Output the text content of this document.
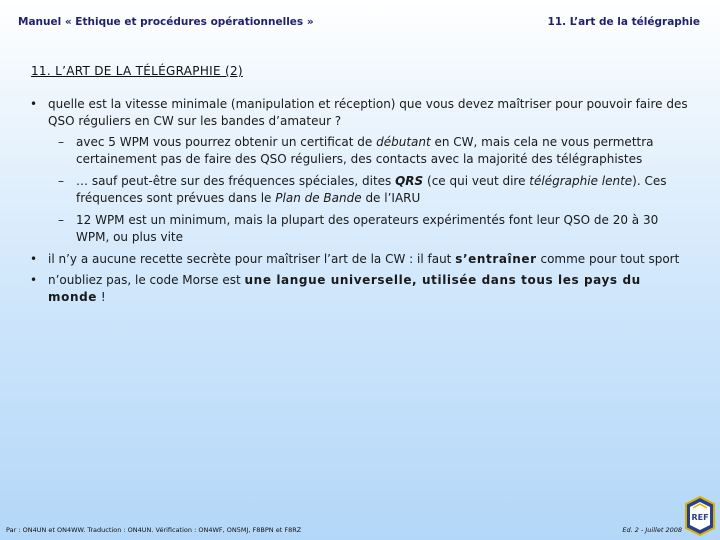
Manuel « Ethique et procédures opérationnelles »	11. L’art de la télégraphie
11. L’ART DE LA TÉLÉGRAPHIE (2)
• quelle est la vitesse minimale (manipulation et réception) que vous devez maîtriser pour pouvoir faire des QSO réguliers en CW sur les bandes d’amateur ?
– avec 5 WPM vous pourrez obtenir un certificat de débutant en CW, mais cela ne vous permettra certainement pas de faire des QSO réguliers, des contacts avec la majorité des télégraphistes
– … sauf peut-être sur des fréquences spéciales, dites QRS (ce qui veut dire télégraphie lente). Ces fréquences sont prévues dans le Plan de Bande de l’IARU
– 12 WPM est un minimum, mais la plupart des operateurs expérimentés font leur QSO de 20 à 30 WPM, ou plus vite
• il n’y a aucune recette secrète pour maîtriser l’art de la CW : il faut s’entraîner comme pour tout sport
• n’oubliez pas, le code Morse est une langue universelle, utilisée dans tous les pays du monde !
Par : ON4UN et ON4WW. Traduction : ON4UN. Vérification : ON4WF, ON5MJ, F8BPN et F8RZ	Ed. 2 - Juillet 2008
REF
